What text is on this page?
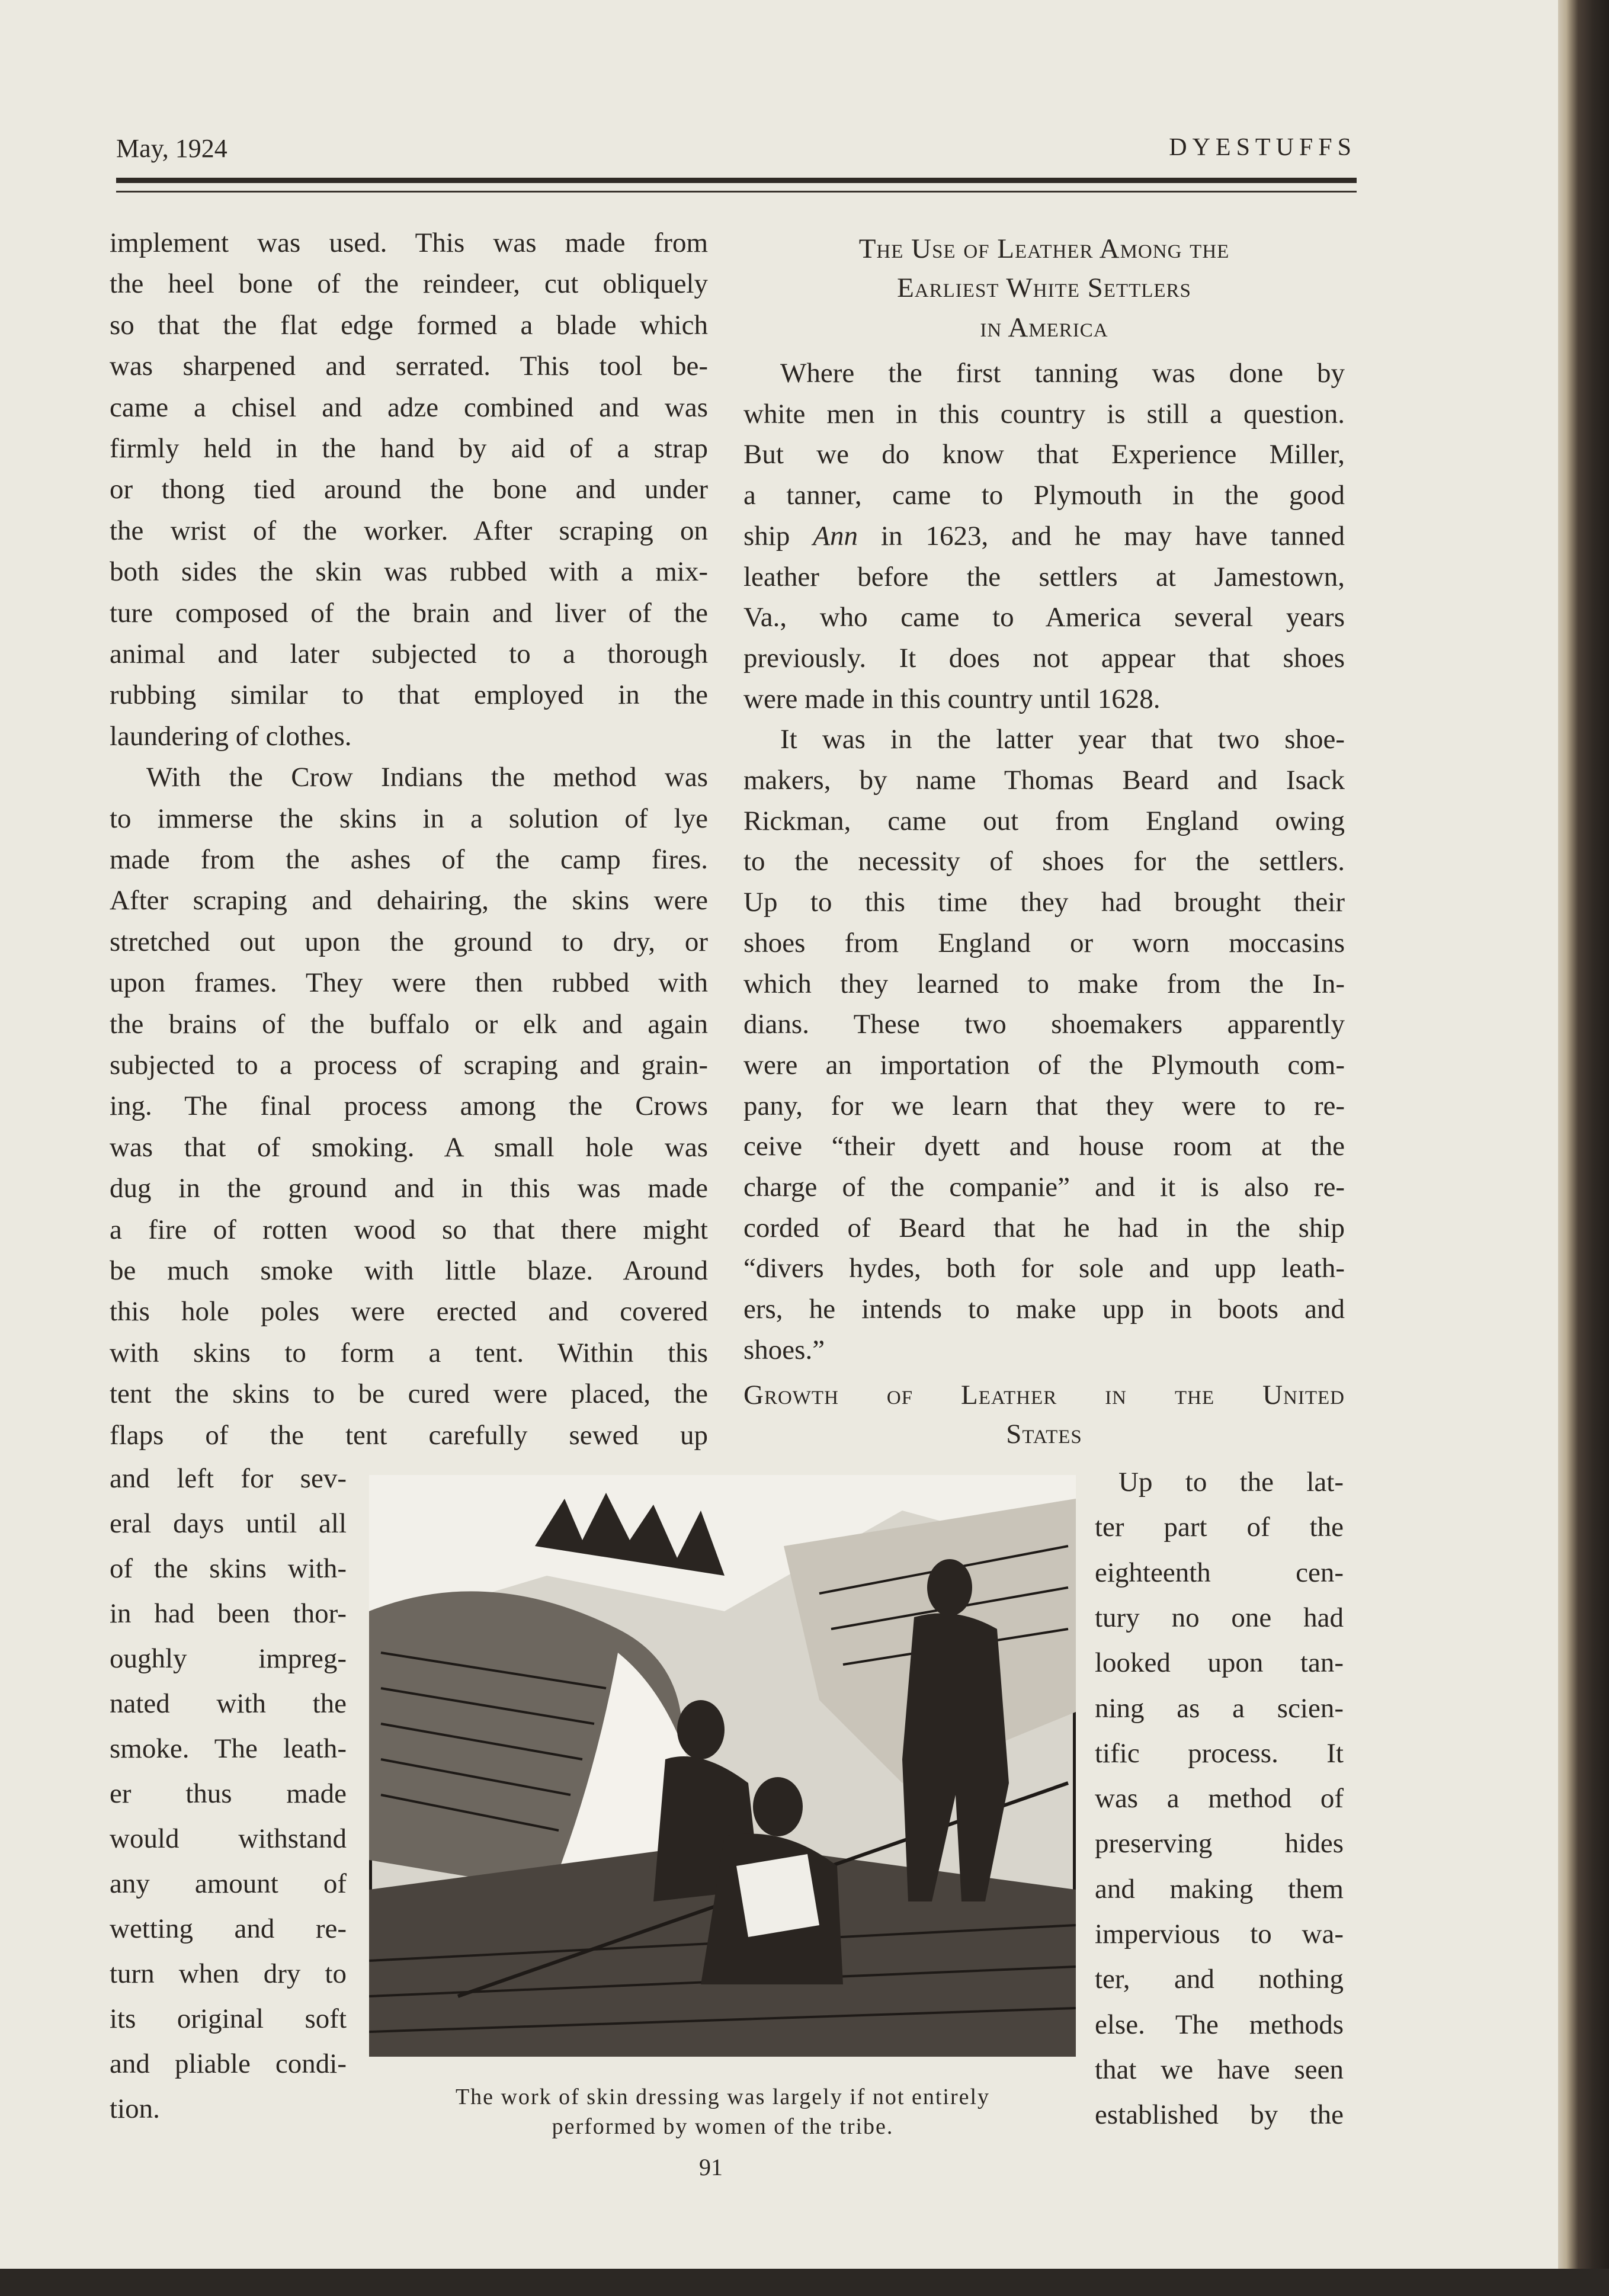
May, 1924	DYESTUFFS
implement was used. This was made from
the heel bone of the reindeer, cut obliquely
so that the flat edge formed a blade which
was sharpened and serrated. This tool be-
came a chisel and adze combined and was
firmly held in the hand by aid of a strap
or thong tied around the bone and under
the wrist of the worker. After scraping on
both sides the skin was rubbed with a mix-
ture composed of the brain and liver of the
animal and later subjected to a thorough
rubbing similar to that employed in the
laundering of clothes.
With the Crow Indians the method was
to immerse the skins in a solution of lye
made from the ashes of the camp fires.
After scraping and dehairing, the skins were
stretched out upon the ground to dry, or
upon frames. They were then rubbed with
the brains of the buffalo or elk and again
subjected to a process of scraping and grain-
ing. The final process among the Crows
was that of smoking. A small hole was
dug in the ground and in this was made
a fire of rotten wood so that there might
be much smoke with little blaze. Around
this hole poles were erected and covered
with skins to form a tent. Within this
tent the skins to be cured were placed, the
flaps of the tent carefully sewed up
and left for sev-
eral days until all
of the skins with-
in had been thor-
oughly impreg-
nated with the
smoke. The leath-
er thus made
would withstand
any amount of
wetting and re-
turn when dry to
its original soft
and pliable condi-
tion.
The Use of Leather Among the
Earliest White Settlers
in America
Where the first tanning was done by
white men in this country is still a question.
But we do know that Experience Miller,
a tanner, came to Plymouth in the good
ship Ann in 1623, and he may have tanned
leather before the settlers at Jamestown,
Va., who came to America several years
previously. It does not appear that shoes
were made in this country until 1628.
It was in the latter year that two shoe-
makers, by name Thomas Beard and Isack
Rickman, came out from England owing
to the necessity of shoes for the settlers.
Up to this time they had brought their
shoes from England or worn moccasins
which they learned to make from the In-
dians. These two shoemakers apparently
were an importation of the Plymouth com-
pany, for we learn that they were to re-
ceive “their dyett and house room at the
charge of the companie” and it is also re-
corded of Beard that he had in the ship
“divers hydes, both for sole and upp leath-
ers, he intends to make upp in boots and
shoes.”
Growth of Leather in the United
States
Up to the lat-
ter part of the
eighteenth cen-
tury no one had
looked upon tan-
ning as a scien-
tific process. It
was a method of
preserving hides
and making them
impervious to wa-
ter, and nothing
else. The methods
that we have seen
established by the
The work of skin dressing was largely if not entirely
performed by women of the tribe.
91
